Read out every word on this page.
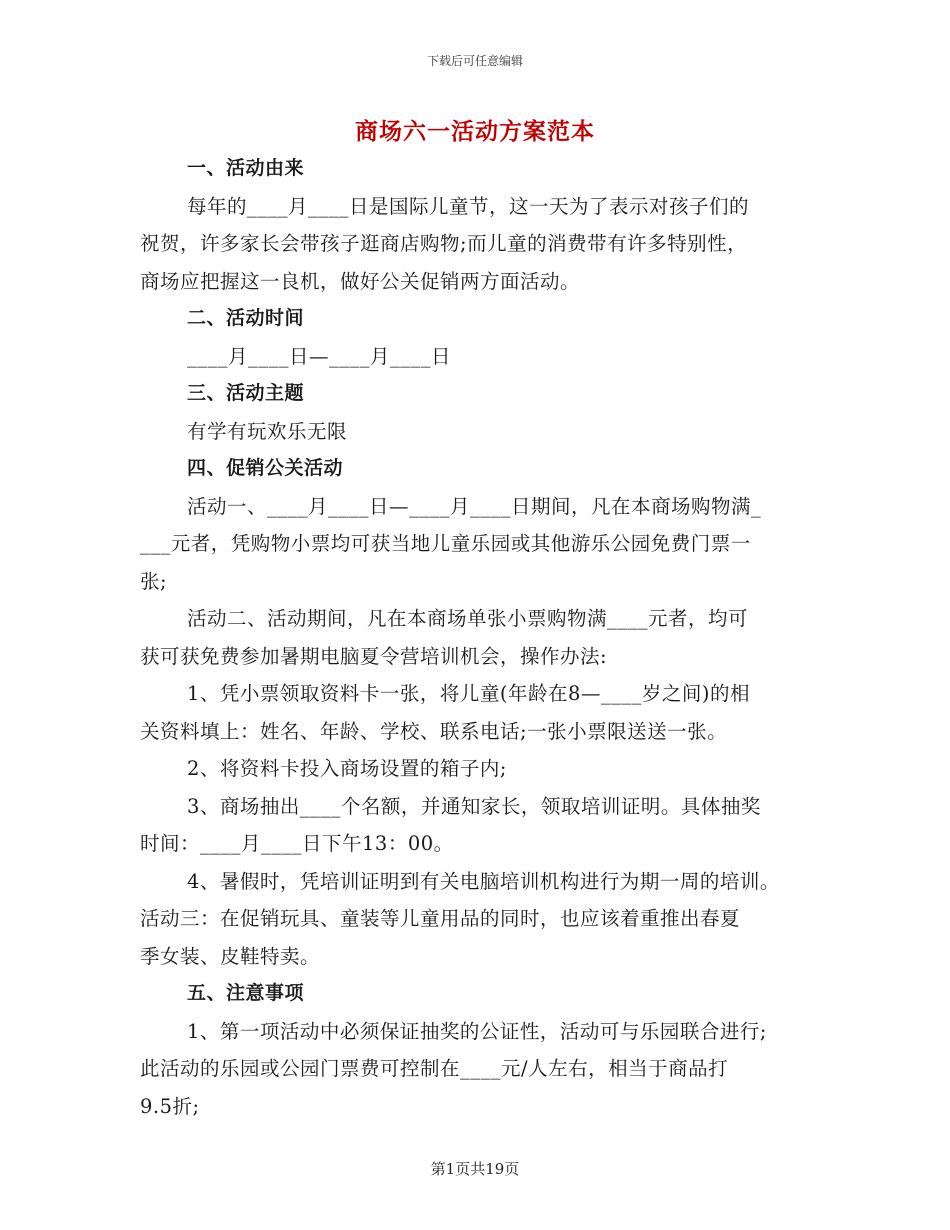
下载后可任意编辑
商场六一活动方案范本
一、活动由来
每年的____月____日是国际儿童节，这一天为了表示对孩子们的
祝贺，许多家长会带孩子逛商店购物;而儿童的消费带有许多特别性，
商场应把握这一良机，做好公关促销两方面活动。
二、活动时间
____月____日—____月____日
三、活动主题
有学有玩欢乐无限
四、促销公关活动
活动一、____月____日—____月____日期间，凡在本商场购物满_
___元者，凭购物小票均可获当地儿童乐园或其他游乐公园免费门票一
张;
活动二、活动期间，凡在本商场单张小票购物满____元者，均可
获可获免费参加暑期电脑夏令营培训机会，操作办法:
1、凭小票领取资料卡一张，将儿童(年龄在8—____岁之间)的相
关资料填上：姓名、年龄、学校、联系电话;一张小票限送送一张。
2、将资料卡投入商场设置的箱子内;
3、商场抽出____个名额，并通知家长，领取培训证明。具体抽奖
时间：____月____日下午13：00。
4、暑假时，凭培训证明到有关电脑培训机构进行为期一周的培训。
活动三：在促销玩具、童装等儿童用品的同时，也应该着重推出春夏
季女装、皮鞋特卖。
五、注意事项
1、第一项活动中必须保证抽奖的公证性，活动可与乐园联合进行;
此活动的乐园或公园门票费可控制在____元/人左右，相当于商品打
9.5折;
第1页共19页
